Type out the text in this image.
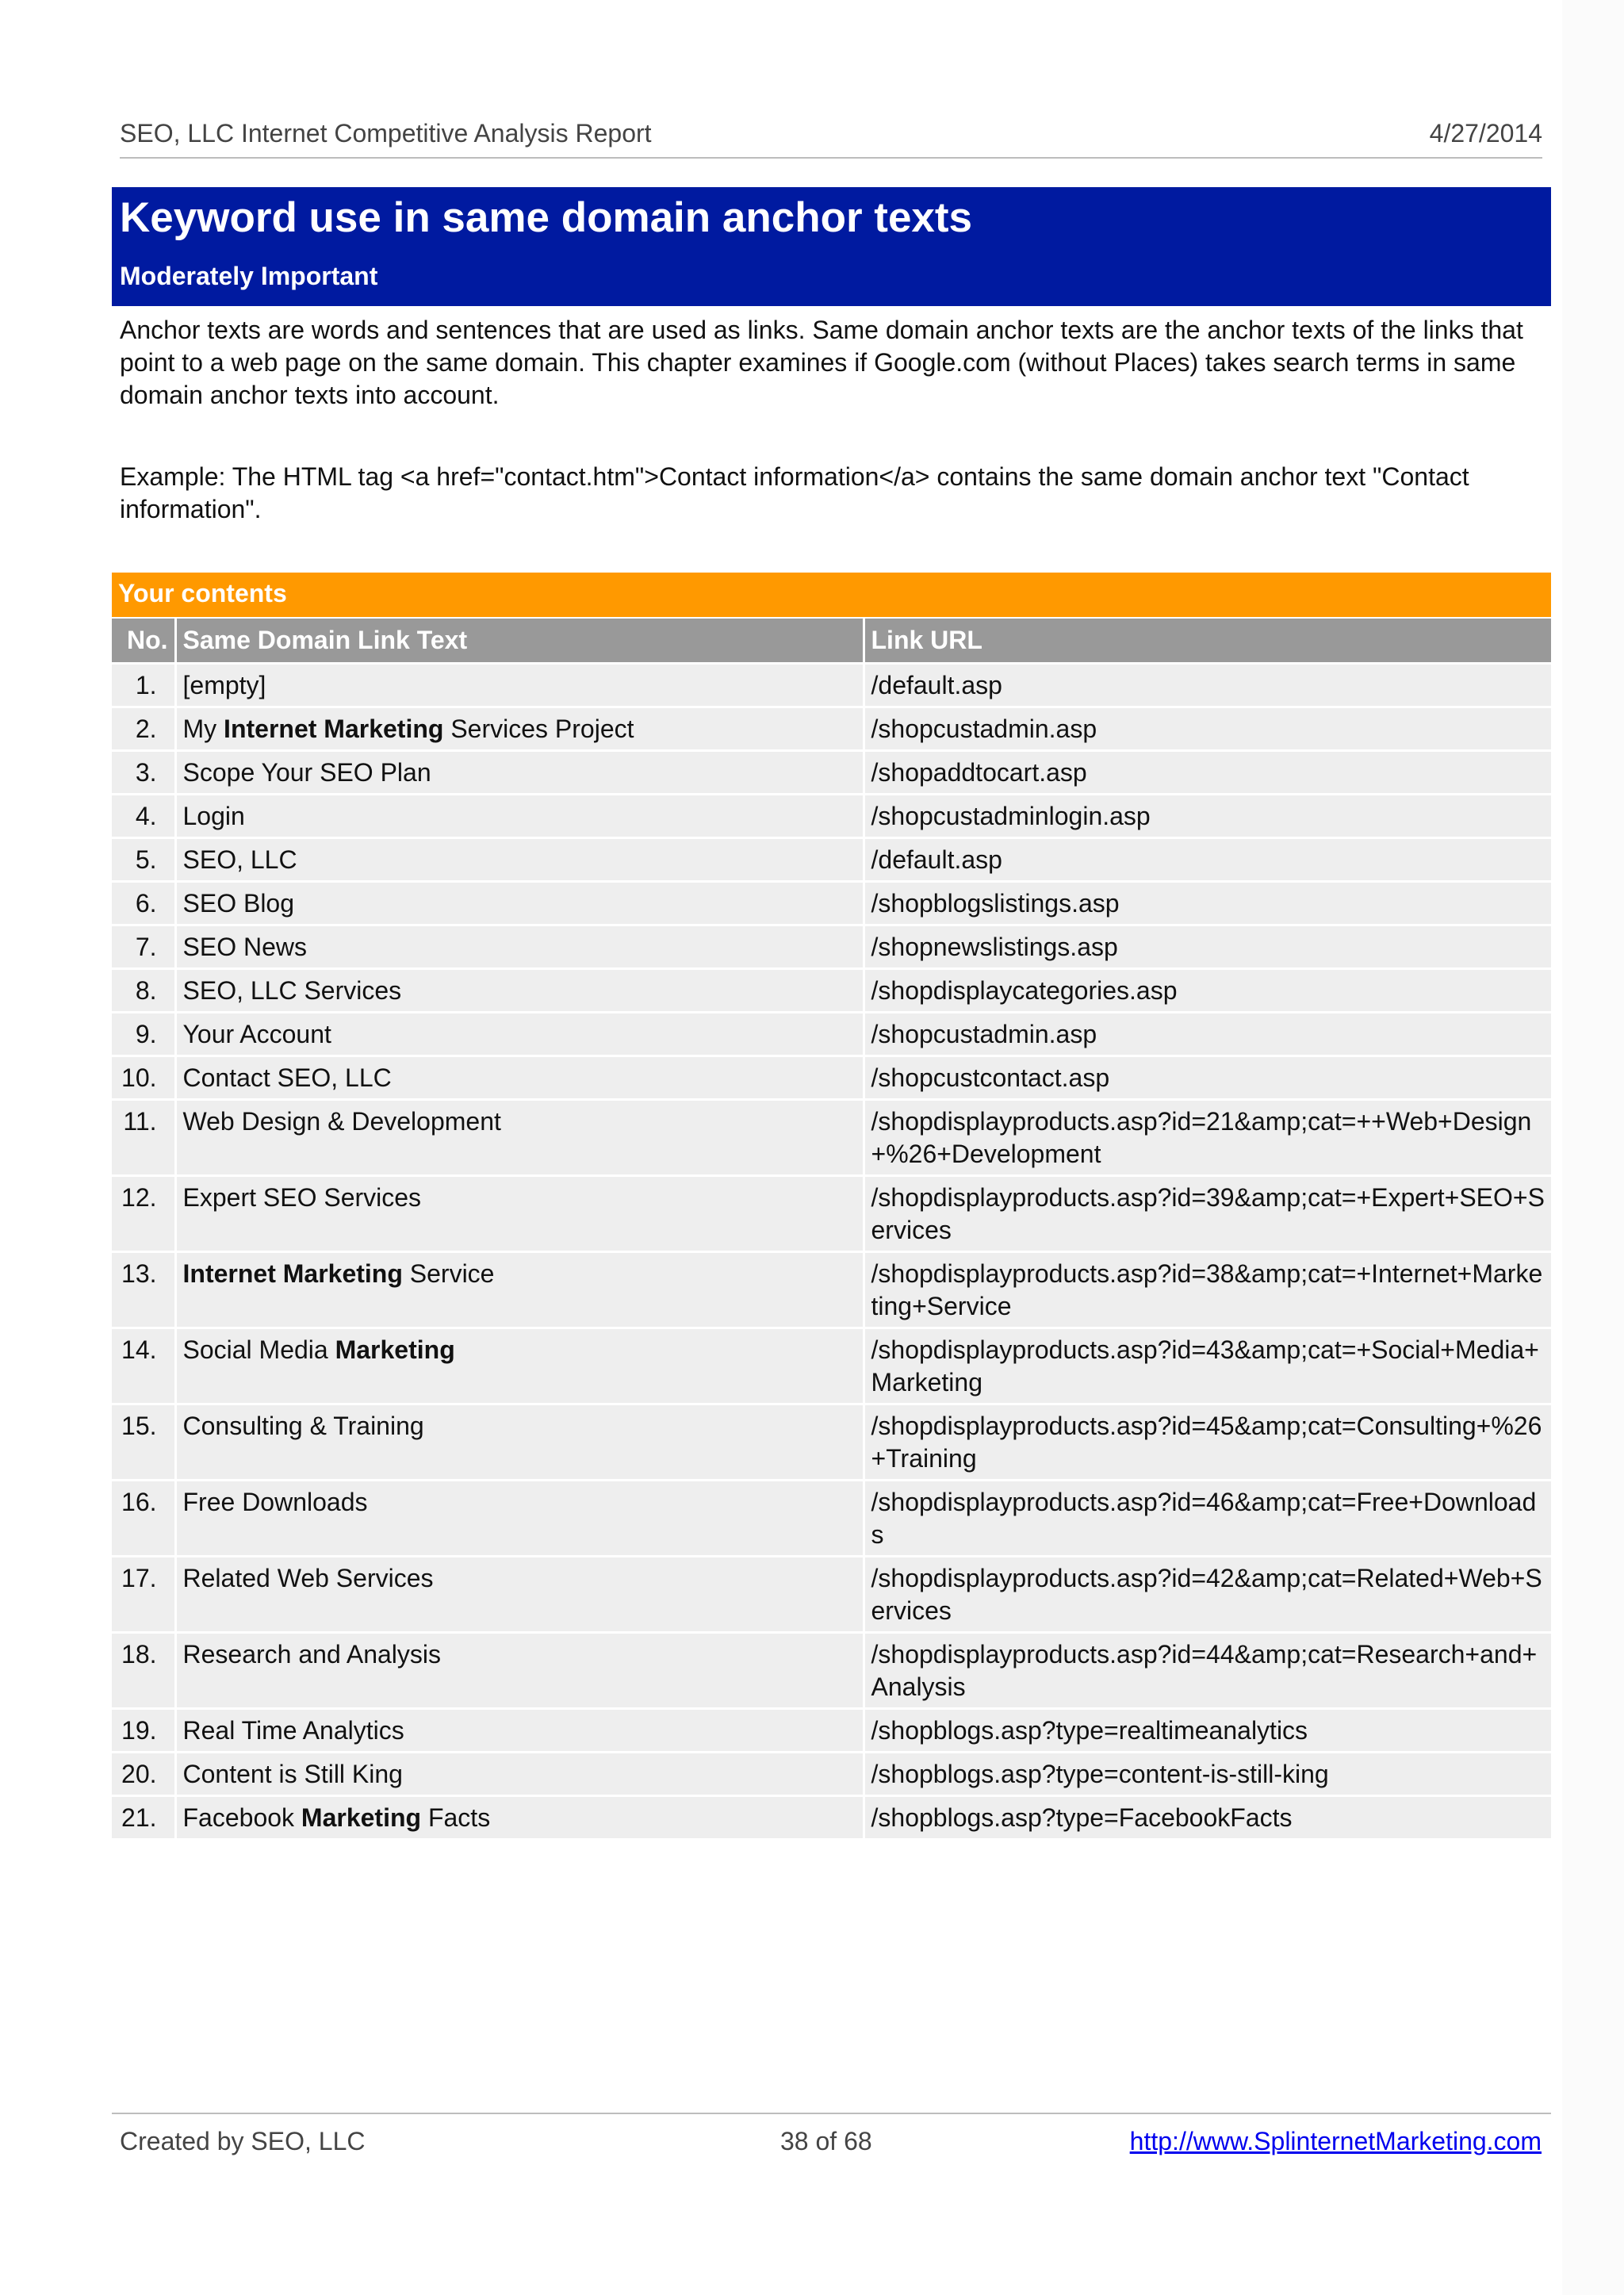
SEO, LLC Internet Competitive Analysis Report	4/27/2014
Keyword use in same domain anchor texts
Moderately Important

Anchor texts are words and sentences that are used as links. Same domain anchor texts are the anchor texts of the links that point to a web page on the same domain. This chapter examines if Google.com (without Places) takes search terms in same domain anchor texts into account.

Example: The HTML tag <a href="contact.htm">Contact information</a> contains the same domain anchor text "Contact information".

Your contents
No.	Same Domain Link Text	Link URL
1.	[empty]	/default.asp
2.	My Internet Marketing Services Project	/shopcustadmin.asp
3.	Scope Your SEO Plan	/shopaddtocart.asp
4.	Login	/shopcustadminlogin.asp
5.	SEO, LLC	/default.asp
6.	SEO Blog	/shopblogslistings.asp
7.	SEO News	/shopnewslistings.asp
8.	SEO, LLC Services	/shopdisplaycategories.asp
9.	Your Account	/shopcustadmin.asp
10.	Contact SEO, LLC	/shopcustcontact.asp
11.	Web Design & Development	/shopdisplayproducts.asp?id=21&amp;cat=++Web+Design+%26+Development
12.	Expert SEO Services	/shopdisplayproducts.asp?id=39&amp;cat=+Expert+SEO+Services
13.	Internet Marketing Service	/shopdisplayproducts.asp?id=38&amp;cat=+Internet+Marketing+Service
14.	Social Media Marketing	/shopdisplayproducts.asp?id=43&amp;cat=+Social+Media+Marketing
15.	Consulting & Training	/shopdisplayproducts.asp?id=45&amp;cat=Consulting+%26+Training
16.	Free Downloads	/shopdisplayproducts.asp?id=46&amp;cat=Free+Downloads
17.	Related Web Services	/shopdisplayproducts.asp?id=42&amp;cat=Related+Web+Services
18.	Research and Analysis	/shopdisplayproducts.asp?id=44&amp;cat=Research+and+Analysis
19.	Real Time Analytics	/shopblogs.asp?type=realtimeanalytics
20.	Content is Still King	/shopblogs.asp?type=content-is-still-king
21.	Facebook Marketing Facts	/shopblogs.asp?type=FacebookFacts
Created by SEO, LLC	38 of 68	http://www.SplinternetMarketing.com
